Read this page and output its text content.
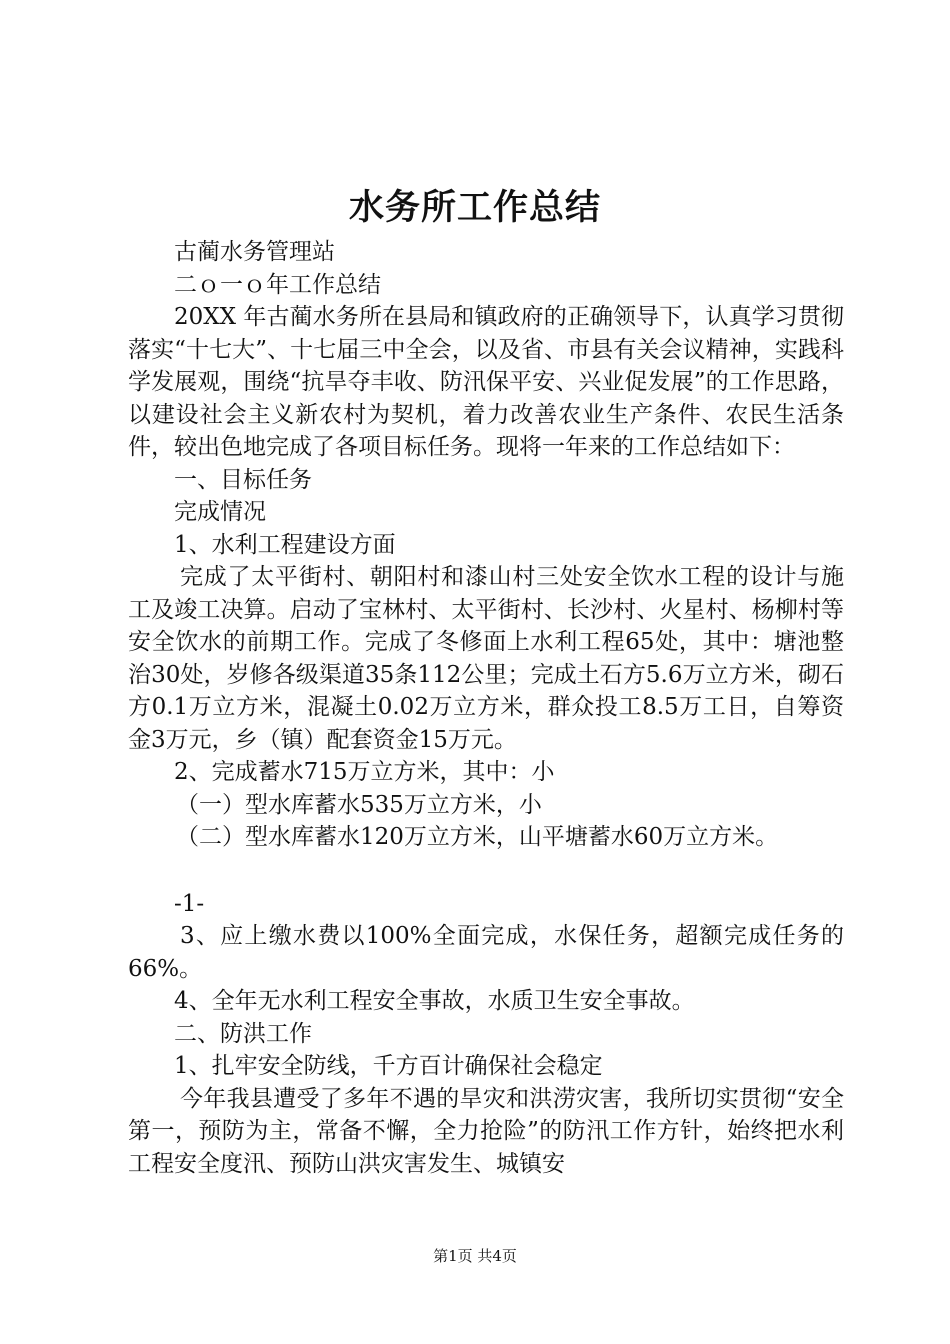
水务所工作总结

古蔺水务管理站

二ｏ一ｏ年工作总结

20XX 年古蔺水务所在县局和镇政府的正确领导下，认真学习贯彻落实“十七大”、十七届三中全会，以及省、市县有关会议精神，实践科学发展观，围绕“抗旱夺丰收、防汛保平安、兴业促发展”的工作思路，以建设社会主义新农村为契机，着力改善农业生产条件、农民生活条件，较出色地完成了各项目标任务。现将一年来的工作总结如下：

一、目标任务

完成情况

1、水利工程建设方面

完成了太平街村、朝阳村和漆山村三处安全饮水工程的设计与施工及竣工决算。启动了宝林村、太平街村、长沙村、火星村、杨柳村等安全饮水的前期工作。完成了冬修面上水利工程65处，其中：塘池整治30处，岁修各级渠道35条112公里；完成土石方5.6万立方米，砌石方0.1万立方米，混凝土0.02万立方米，群众投工8.5万工日，自筹资金3万元，乡（镇）配套资金15万元。

2、完成蓄水715万立方米，其中：小

（一）型水库蓄水535万立方米，小

（二）型水库蓄水120万立方米，山平塘蓄水60万立方米。

-1-

3、应上缴水费以100%全面完成，水保任务，超额完成任务的66%。

4、全年无水利工程安全事故，水质卫生安全事故。

二、防洪工作

1、扎牢安全防线，千方百计确保社会稳定

今年我县遭受了多年不遇的旱灾和洪涝灾害，我所切实贯彻“安全第一，预防为主，常备不懈，全力抢险”的防汛工作方针，始终把水利工程安全度汛、预防山洪灾害发生、城镇安

第1页 共4页
